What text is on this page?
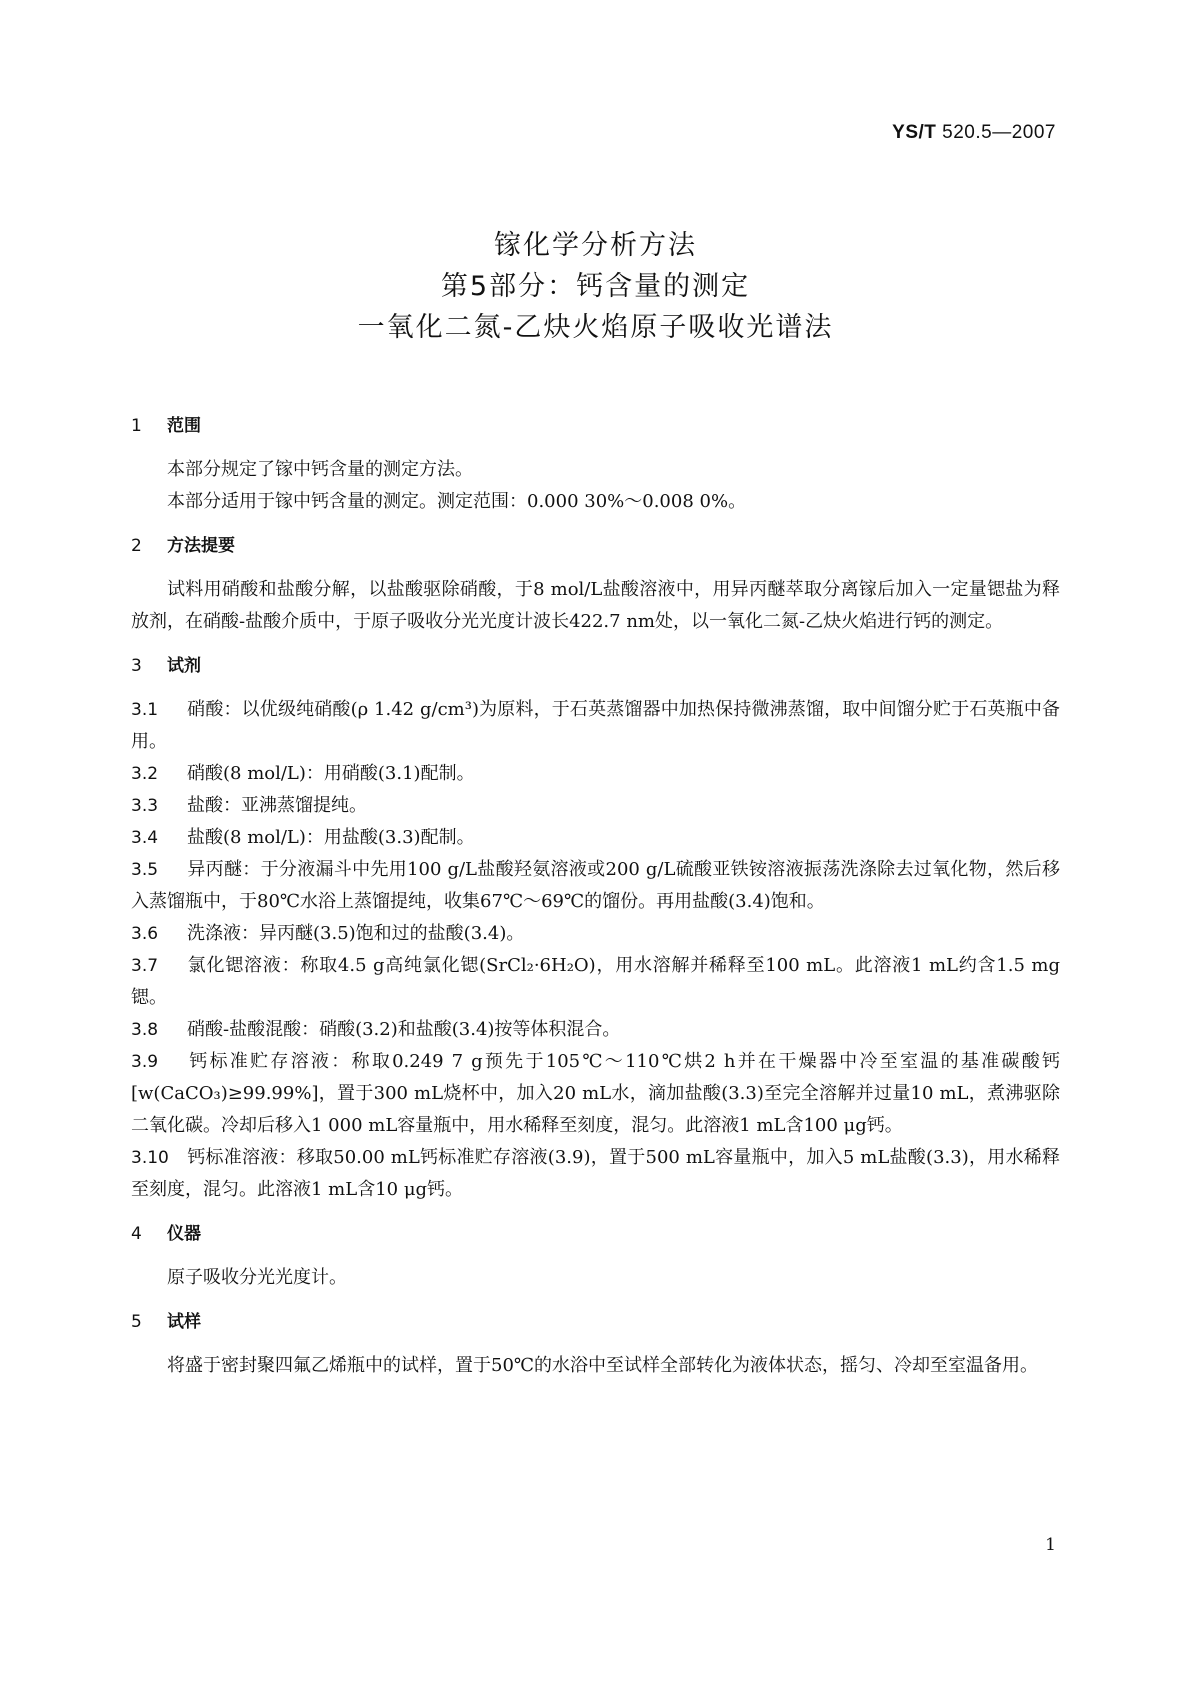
YS/T 520.5—2007
镓化学分析方法
第5部分：钙含量的测定
一氧化二氮-乙炔火焰原子吸收光谱法
1 范围
本部分规定了镓中钙含量的测定方法。
本部分适用于镓中钙含量的测定。测定范围：0.000 30%～0.008 0%。
2 方法提要
试料用硝酸和盐酸分解，以盐酸驱除硝酸，于8 mol/L盐酸溶液中，用异丙醚萃取分离镓后加入一定量锶盐为释放剂，在硝酸-盐酸介质中，于原子吸收分光光度计波长422.7 nm处，以一氧化二氮-乙炔火焰进行钙的测定。
3 试剂
3.1 硝酸：以优级纯硝酸(ρ 1.42 g/cm³)为原料，于石英蒸馏器中加热保持微沸蒸馏，取中间馏分贮于石英瓶中备用。
3.2 硝酸(8 mol/L)：用硝酸(3.1)配制。
3.3 盐酸：亚沸蒸馏提纯。
3.4 盐酸(8 mol/L)：用盐酸(3.3)配制。
3.5 异丙醚：于分液漏斗中先用100 g/L盐酸羟氨溶液或200 g/L硫酸亚铁铵溶液振荡洗涤除去过氧化物，然后移入蒸馏瓶中，于80℃水浴上蒸馏提纯，收集67℃～69℃的馏份。再用盐酸(3.4)饱和。
3.6 洗涤液：异丙醚(3.5)饱和过的盐酸(3.4)。
3.7 氯化锶溶液：称取4.5 g高纯氯化锶(SrCl₂·6H₂O)，用水溶解并稀释至100 mL。此溶液1 mL约含1.5 mg锶。
3.8 硝酸-盐酸混酸：硝酸(3.2)和盐酸(3.4)按等体积混合。
3.9 钙标准贮存溶液：称取0.249 7 g预先于105℃～110℃烘2 h并在干燥器中冷至室温的基准碳酸钙[w(CaCO₃)≥99.99%]，置于300 mL烧杯中，加入20 mL水，滴加盐酸(3.3)至完全溶解并过量10 mL，煮沸驱除二氧化碳。冷却后移入1 000 mL容量瓶中，用水稀释至刻度，混匀。此溶液1 mL含100 μg钙。
3.10 钙标准溶液：移取50.00 mL钙标准贮存溶液(3.9)，置于500 mL容量瓶中，加入5 mL盐酸(3.3)，用水稀释至刻度，混匀。此溶液1 mL含10 μg钙。
4 仪器
原子吸收分光光度计。
5 试样
将盛于密封聚四氟乙烯瓶中的试样，置于50℃的水浴中至试样全部转化为液体状态，摇匀、冷却至室温备用。
1
